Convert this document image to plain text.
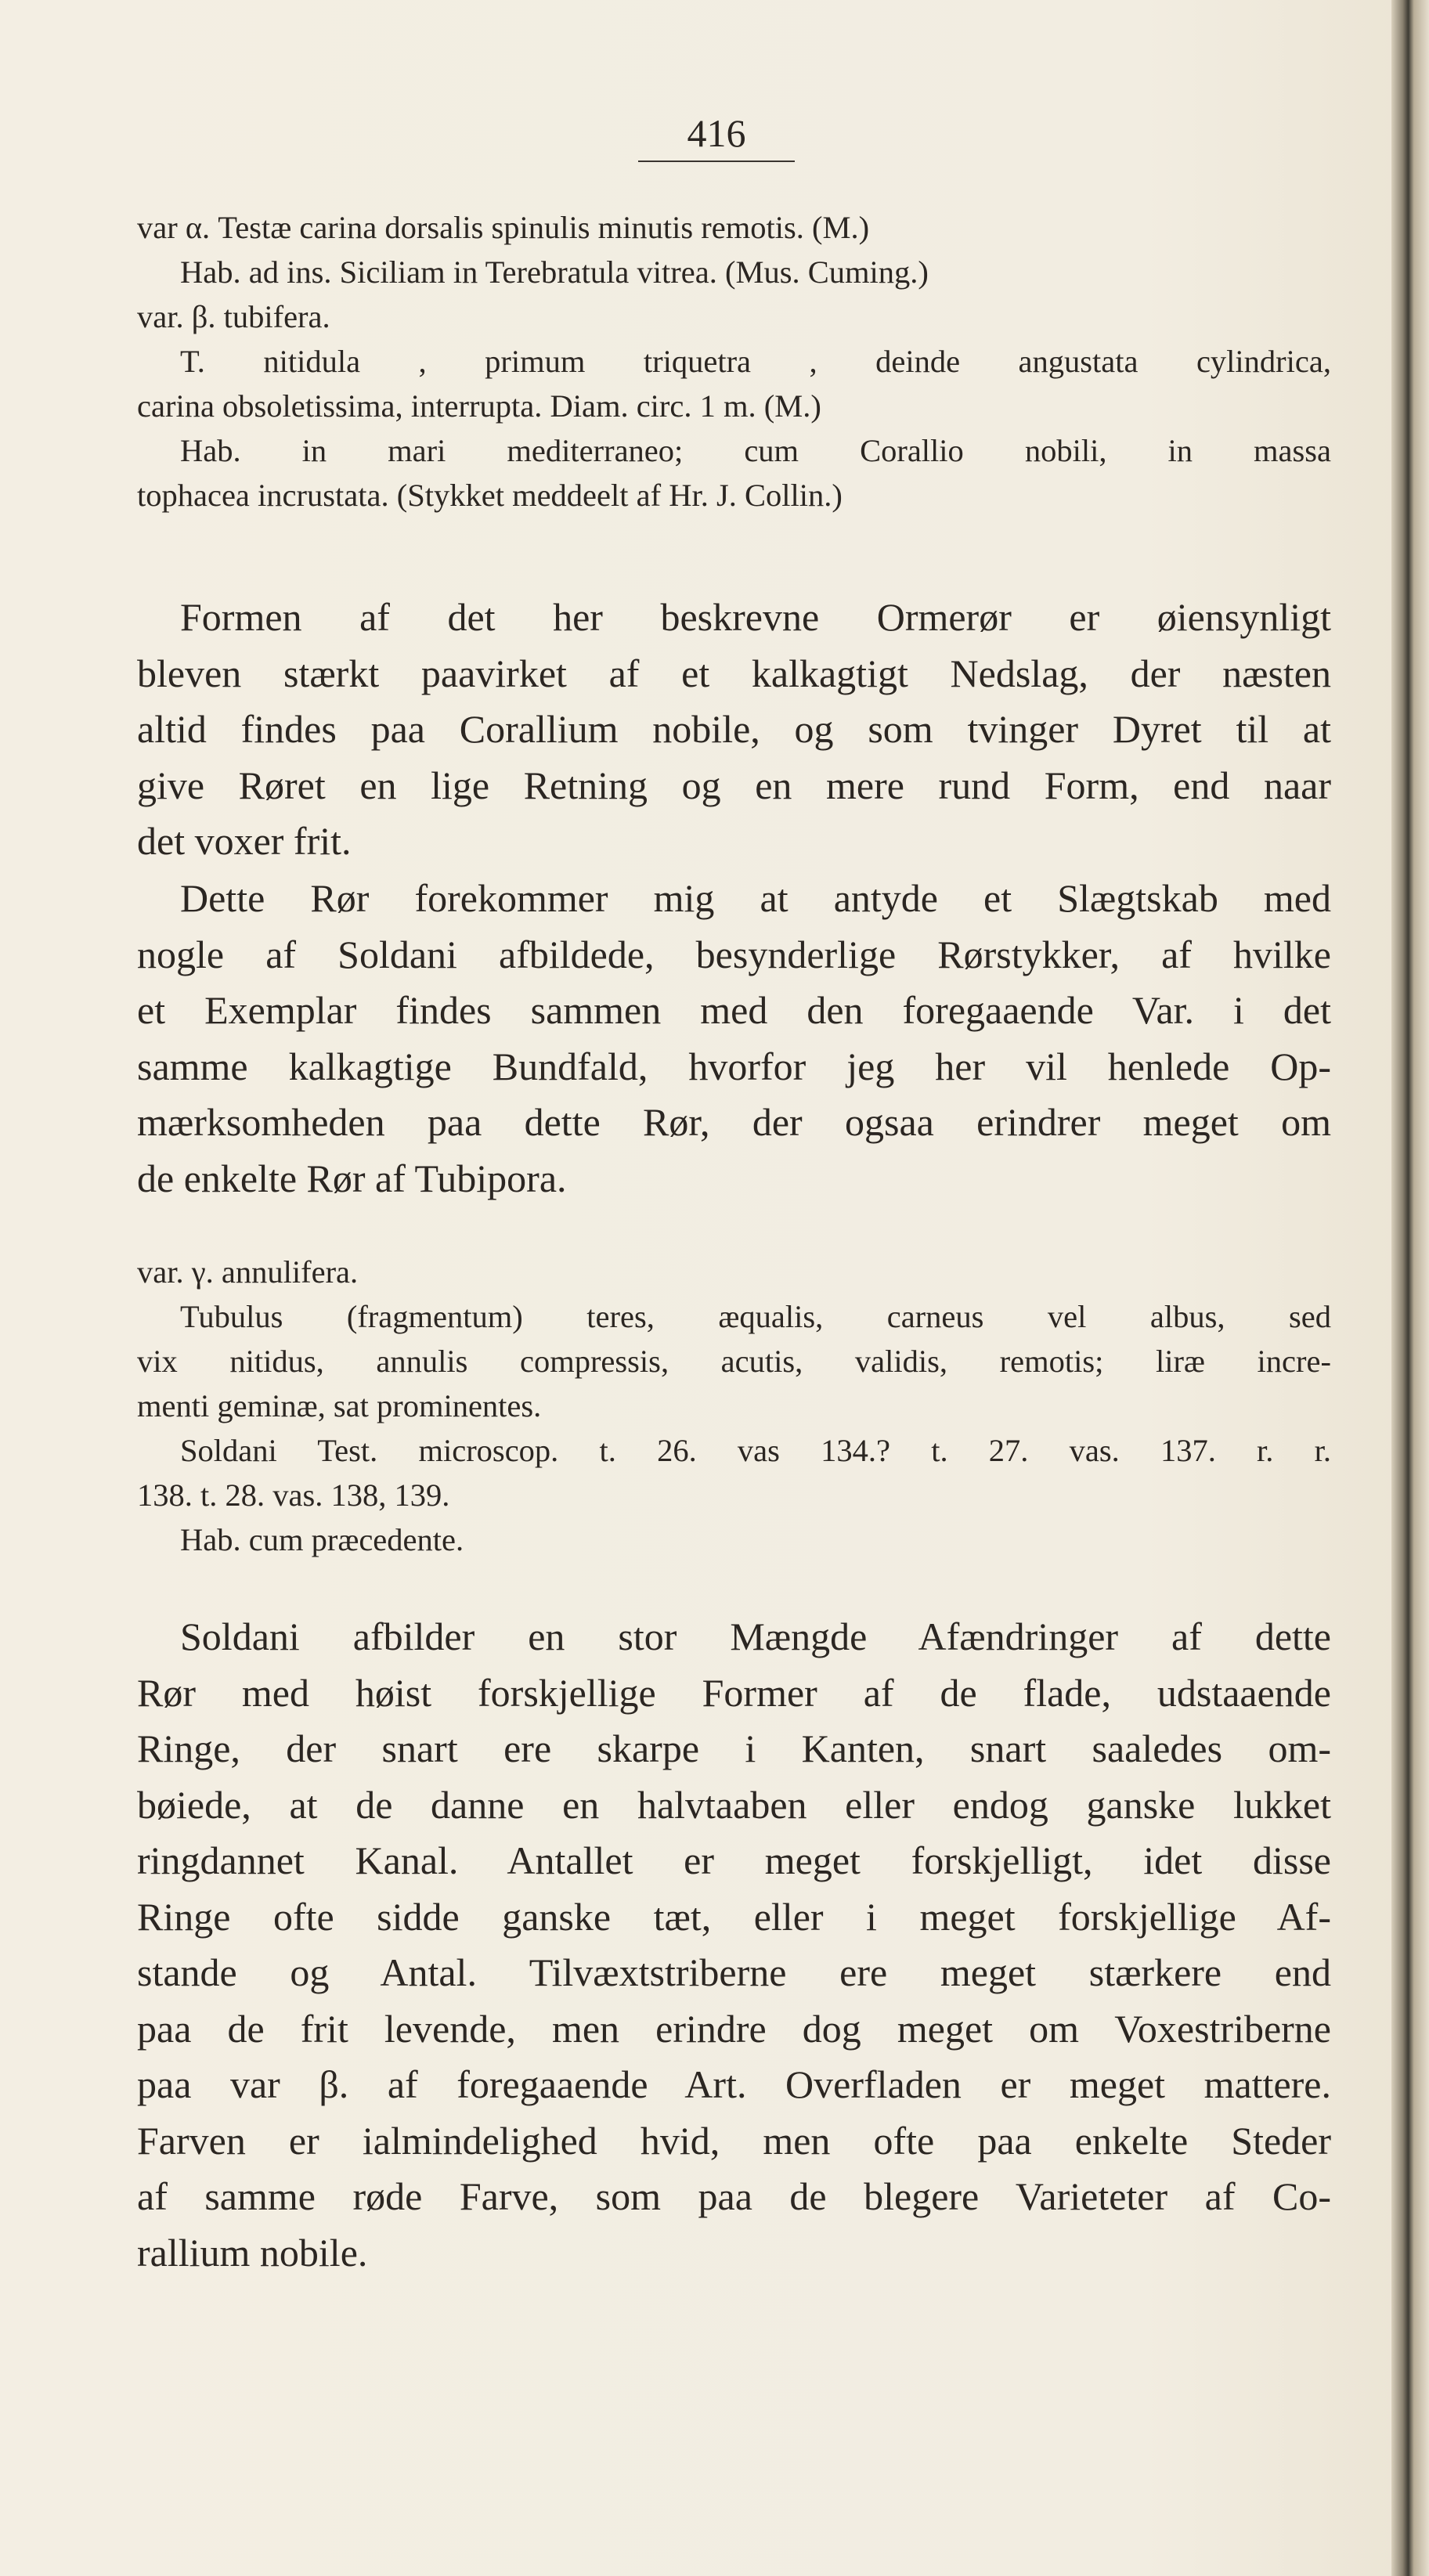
416
var α. Testæ carina dorsalis spinulis minutis remotis. (M.)
Hab. ad ins. Siciliam in Terebratula vitrea. (Mus. Cuming.)
var. β. tubifera.
T. nitidula , primum triquetra , deinde angustata cylindrica,
carina obsoletissima, interrupta. Diam. circ. 1 m. (M.)
Hab. in mari mediterraneo; cum Corallio nobili, in massa
tophacea incrustata. (Stykket meddeelt af Hr. J. Collin.)
Formen af det her beskrevne Ormerør er øiensynligt
bleven stærkt paavirket af et kalkagtigt Nedslag, der næsten
altid findes paa Corallium nobile, og som tvinger Dyret til at
give Røret en lige Retning og en mere rund Form, end naar
det voxer frit.
Dette Rør forekommer mig at antyde et Slægtskab med
nogle af Soldani afbildede, besynderlige Rørstykker, af hvilke
et Exemplar findes sammen med den foregaaende Var. i det
samme kalkagtige Bundfald, hvorfor jeg her vil henlede Op-
mærksomheden paa dette Rør, der ogsaa erindrer meget om
de enkelte Rør af Tubipora.
var. γ. annulifera.
Tubulus (fragmentum) teres, æqualis, carneus vel albus, sed
vix nitidus, annulis compressis, acutis, validis, remotis; liræ incre-
menti geminæ, sat prominentes.
Soldani Test. microscop. t. 26. vas 134.? t. 27. vas. 137. r. r.
138. t. 28. vas. 138, 139.
Hab. cum præcedente.
Soldani afbilder en stor Mængde Afændringer af dette
Rør med høist forskjellige Former af de flade, udstaaende
Ringe, der snart ere skarpe i Kanten, snart saaledes om-
bøiede, at de danne en halvtaaben eller endog ganske lukket
ringdannet Kanal. Antallet er meget forskjelligt, idet disse
Ringe ofte sidde ganske tæt, eller i meget forskjellige Af-
stande og Antal. Tilvæxtstriberne ere meget stærkere end
paa de frit levende, men erindre dog meget om Voxestriberne
paa var β. af foregaaende Art. Overfladen er meget mattere.
Farven er ialmindelighed hvid, men ofte paa enkelte Steder
af samme røde Farve, som paa de blegere Varieteter af Co-
rallium nobile.
